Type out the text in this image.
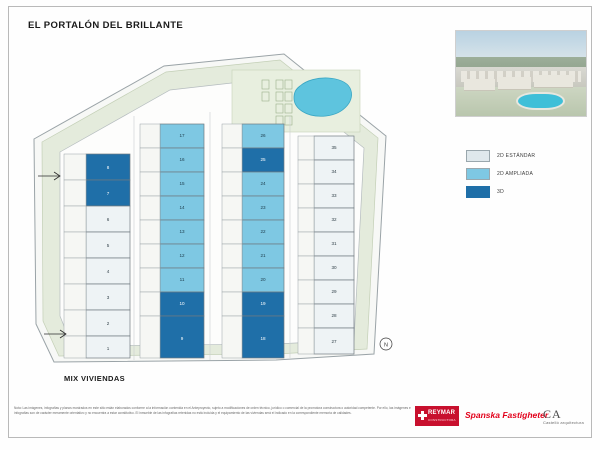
EL PORTALÓN DEL BRILLANTE
MIX VIVIENDAS
8
7
6
5
4
3
2
1
17
16
15
14
13
12
11
10
9
26
25
24
23
22
21
20
19
18
35
34
33
32
31
30
29
28
27
N
2D ESTÁNDAR
2D AMPLIADA
3D
Nota: Las imágenes, infografías y planos mostrados en este sitio están elaborados conforme a la información contenida en el Anteproyecto, sujeto a modificaciones de orden técnico, jurídico o comercial de la promotora constructora o autoridad competente. Por ello, las imágenes e infografías son de carácter meramente orientativo y no encuentra a estar constitutivo. El inmueble de las infografías retenidas no está incluida y el equipamiento de las viviendas será el indicado en la correspondiente memoria de calidades.	REYMAR
CONSTRUCTORA Spanska Fastigheter
CA
Castelló arquitectura
